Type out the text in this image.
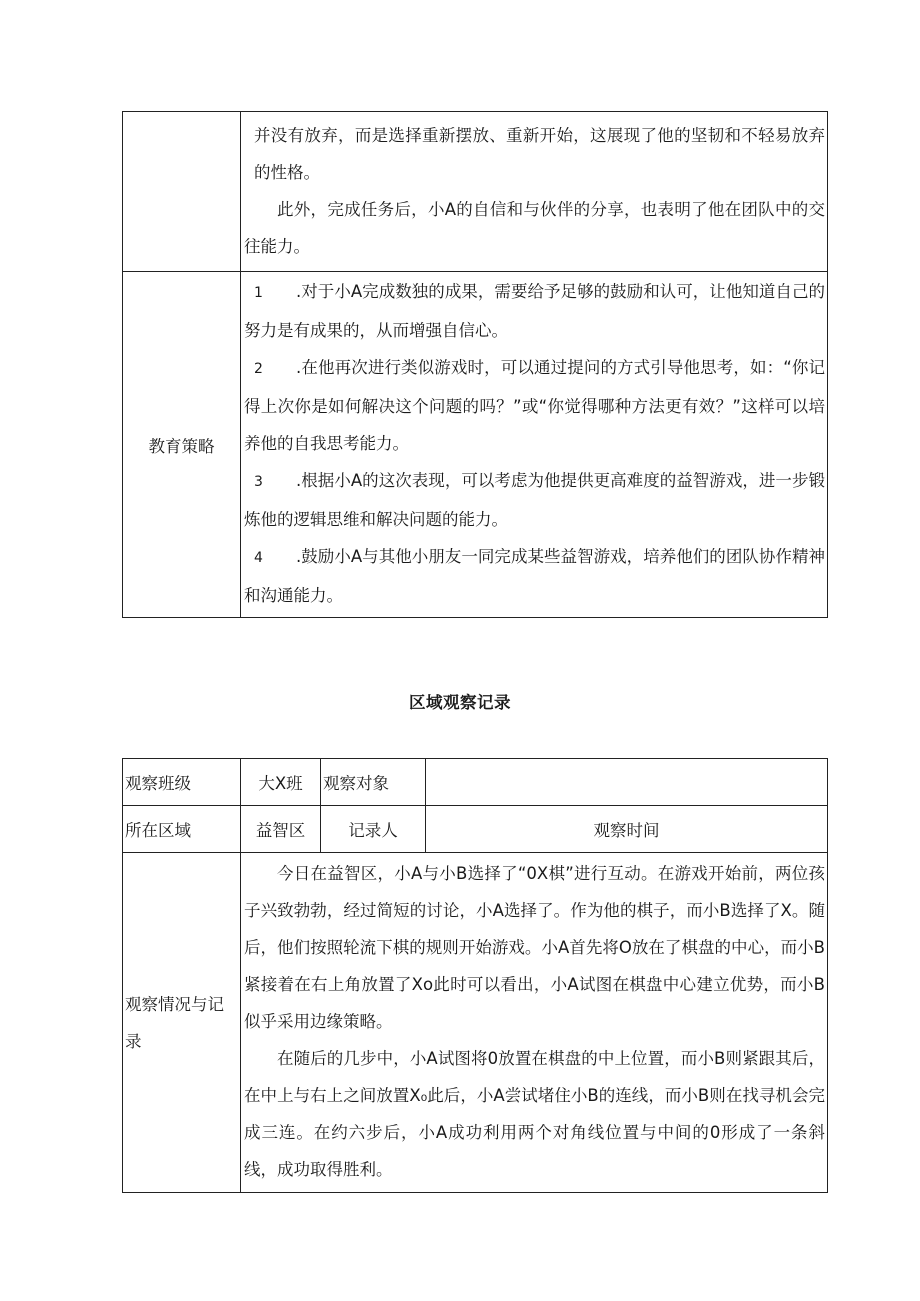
	并没有放弃，而是选择重新摆放、重新开始，这展现了他的坚韧和不轻易放弃的性格。

此外，完成任务后，小A的自信和与伙伴的分享，也表明了他在团队中的交往能力。

教育策略	1 .对于小A完成数独的成果，需要给予足够的鼓励和认可，让他知道自己的努力是有成果的，从而增强自信心。

2 .在他再次进行类似游戏时，可以通过提问的方式引导他思考，如：“你记得上次你是如何解决这个问题的吗？”或“你觉得哪种方法更有效？”这样可以培养他的自我思考能力。

3 .根据小A的这次表现，可以考虑为他提供更高难度的益智游戏，进一步锻炼他的逻辑思维和解决问题的能力。

4 .鼓励小A与其他小朋友一同完成某些益智游戏，培养他们的团队协作精神和沟通能力。

区域观察记录
观察班级	大X班	观察对象	
所在区域	益智区	记录人	观察时间
观察情况与记录	今日在益智区，小A与小B选择了“0X棋”进行互动。在游戏开始前，两位孩子兴致勃勃，经过简短的讨论，小A选择了。作为他的棋子，而小B选择了X。随后，他们按照轮流下棋的规则开始游戏。小A首先将O放在了棋盘的中心，而小B紧接着在右上角放置了Xo此时可以看出，小A试图在棋盘中心建立优势，而小B似乎采用边缘策略。

在随后的几步中，小A试图将0放置在棋盘的中上位置，而小B则紧跟其后，在中上与右上之间放置X₀此后，小A尝试堵住小B的连线，而小B则在找寻机会完成三连。在约六步后，小A成功利用两个对角线位置与中间的0形成了一条斜线，成功取得胜利。		
